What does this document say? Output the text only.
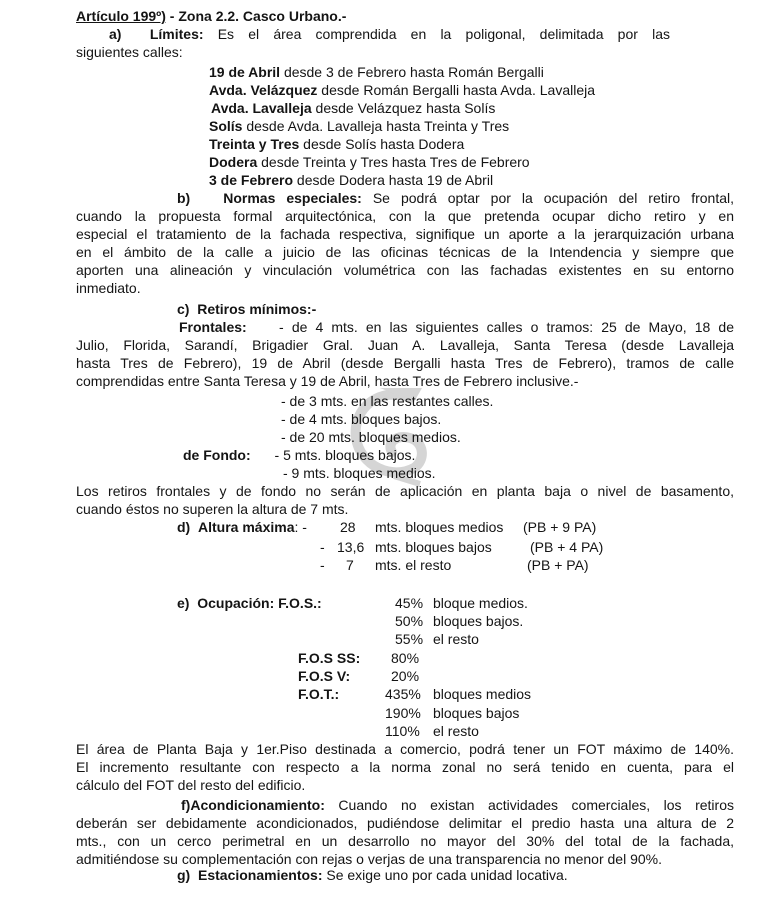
Artículo 199º) - Zona 2.2. Casco Urbano.-
a) Límites: Es el área comprendida en la poligonal, delimitada por las
siguientes calles:
19 de Abril desde 3 de Febrero hasta Román Bergalli
Avda. Velázquez desde Román Bergalli hasta Avda. Lavalleja
Avda. Lavalleja desde Velázquez hasta Solís
Solís desde Avda. Lavalleja hasta Treinta y Tres
Treinta y Tres desde Solís hasta Dodera
Dodera desde Treinta y Tres hasta Tres de Febrero
3 de Febrero desde Dodera hasta 19 de Abril
b) Normas especiales: Se podrá optar por la ocupación del retiro frontal,
cuando la propuesta formal arquitectónica, con la que pretenda ocupar dicho retiro y en
especial el tratamiento de la fachada respectiva, signifique un aporte a la jerarquización urbana
en el ámbito de la calle a juicio de las oficinas técnicas de la Intendencia y siempre que
aporten una alineación y vinculación volumétrica con las fachadas existentes en su entorno
inmediato.
c) Retiros mínimos:-
Frontales:    - de 4 mts. en las siguientes calles o tramos: 25 de Mayo, 18 de
Julio, Florida, Sarandí, Brigadier Gral. Juan A. Lavalleja, Santa Teresa (desde Lavalleja
hasta Tres de Febrero), 19 de Abril (desde Bergalli hasta Tres de Febrero), tramos de calle
comprendidas entre Santa Teresa y 19 de Abril, hasta Tres de Febrero inclusive.-
- de 3 mts. en las restantes calles.
- de 4 mts. bloques bajos.
- de 20 mts. bloques medios.
de Fondo: - 5 mts. bloques bajos.
- 9 mts. bloques medios.
Los retiros frontales y de fondo no serán de aplicación en planta baja o nivel de basamento,
cuando éstos no superen la altura de 7 mts.
d) Altura máxima: - 28 mts. bloques medios (PB + 9 PA)
- 13,6 mts. bloques bajos	(PB + 4 PA)
- 7 mts. el resto	(PB + PA)
e) Ocupación: F.O.S.:	45% bloque medios.
50% bloques bajos.
55% el resto
F.O.S SS: 80%
F.O.S V:	20%
F.O.T.:	435% bloques medios
190% bloques bajos
110% el resto
El área de Planta Baja y 1er.Piso destinada a comercio, podrá tener un FOT máximo de 140%.
El incremento resultante con respecto a la norma zonal no será tenido en cuenta, para el
cálculo del FOT del resto del edificio.
f)Acondicionamiento: Cuando no existan actividades comerciales, los retiros
deberán ser debidamente acondicionados, pudiéndose delimitar el predio hasta una altura de 2
mts., con un cerco perimetral en un desarrollo no mayor del 30% del total de la fachada,
admitiéndose su complementación con rejas o verjas de una transparencia no menor del 90%.
g) Estacionamientos: Se exige uno por cada unidad locativa.
